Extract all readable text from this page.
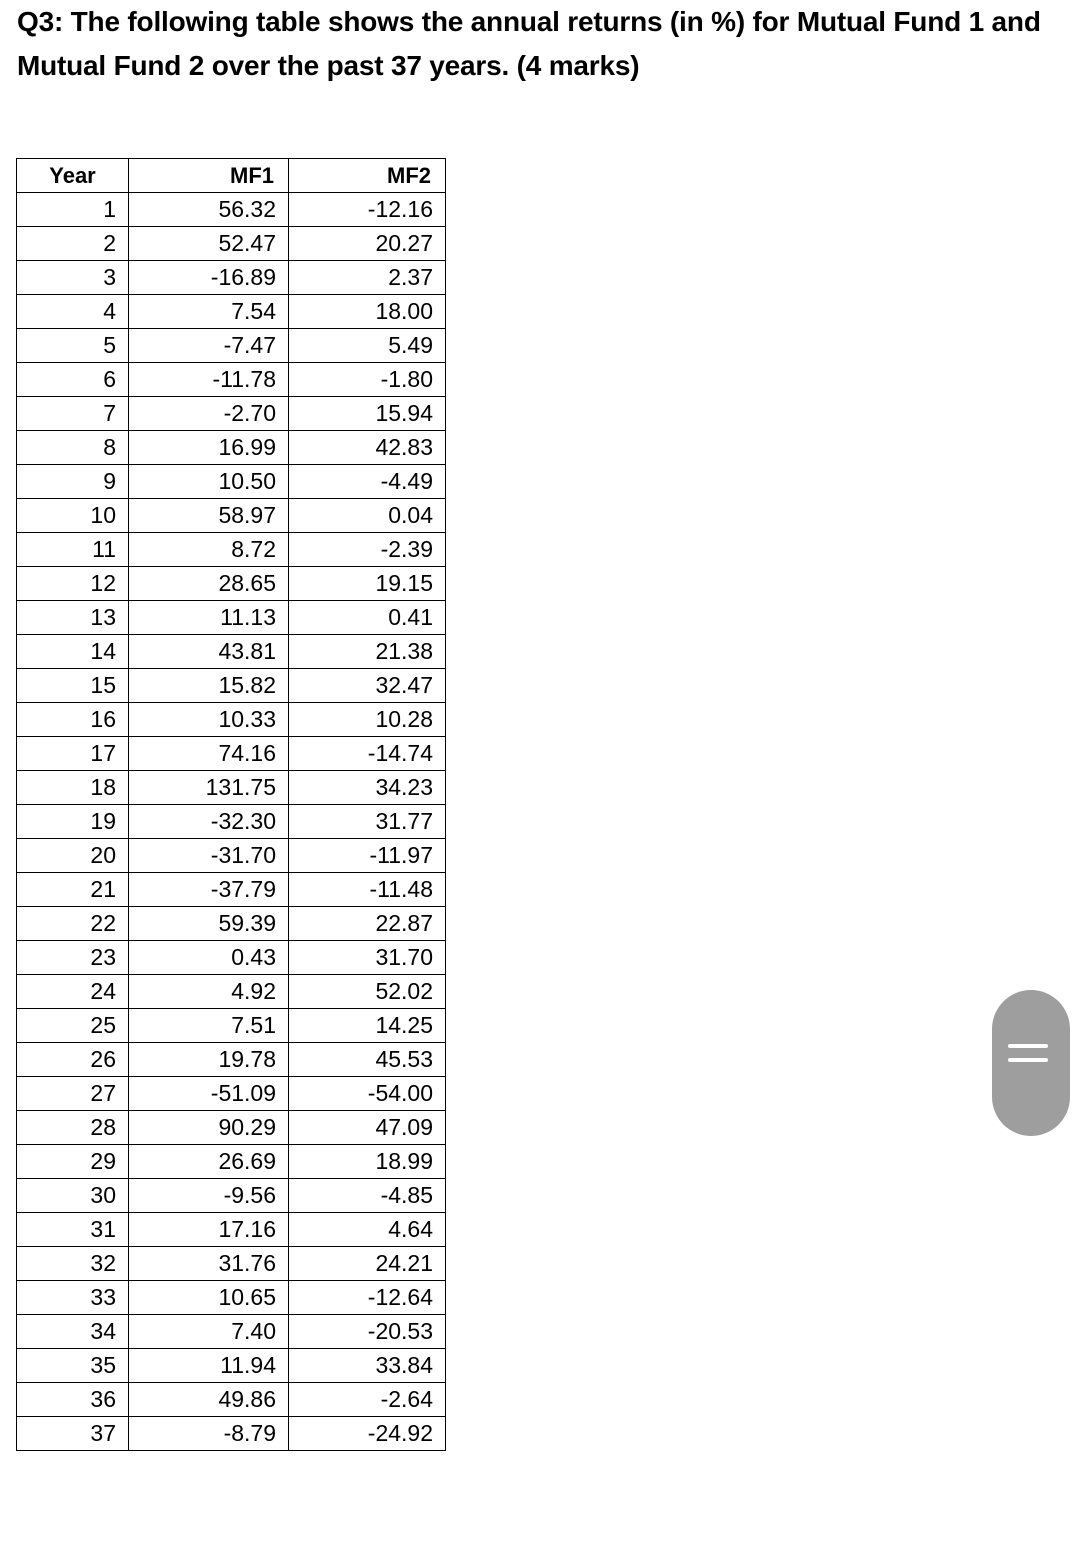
Q3: The following table shows the annual returns (in %) for Mutual Fund 1 and
Mutual Fund 2 over the past 37 years. (4 marks)
Year	MF1	MF2
1	56.32	-12.16
2	52.47	20.27
3	-16.89	2.37
4	7.54	18.00
5	-7.47	5.49
6	-11.78	-1.80
7	-2.70	15.94
8	16.99	42.83
9	10.50	-4.49
10	58.97	0.04
11	8.72	-2.39
12	28.65	19.15
13	11.13	0.41
14	43.81	21.38
15	15.82	32.47
16	10.33	10.28
17	74.16	-14.74
18	131.75	34.23
19	-32.30	31.77
20	-31.70	-11.97
21	-37.79	-11.48
22	59.39	22.87
23	0.43	31.70
24	4.92	52.02
25	7.51	14.25
26	19.78	45.53
27	-51.09	-54.00
28	90.29	47.09
29	26.69	18.99
30	-9.56	-4.85
31	17.16	4.64
32	31.76	24.21
33	10.65	-12.64
34	7.40	-20.53
35	11.94	33.84
36	49.86	-2.64
37	-8.79	-24.92
